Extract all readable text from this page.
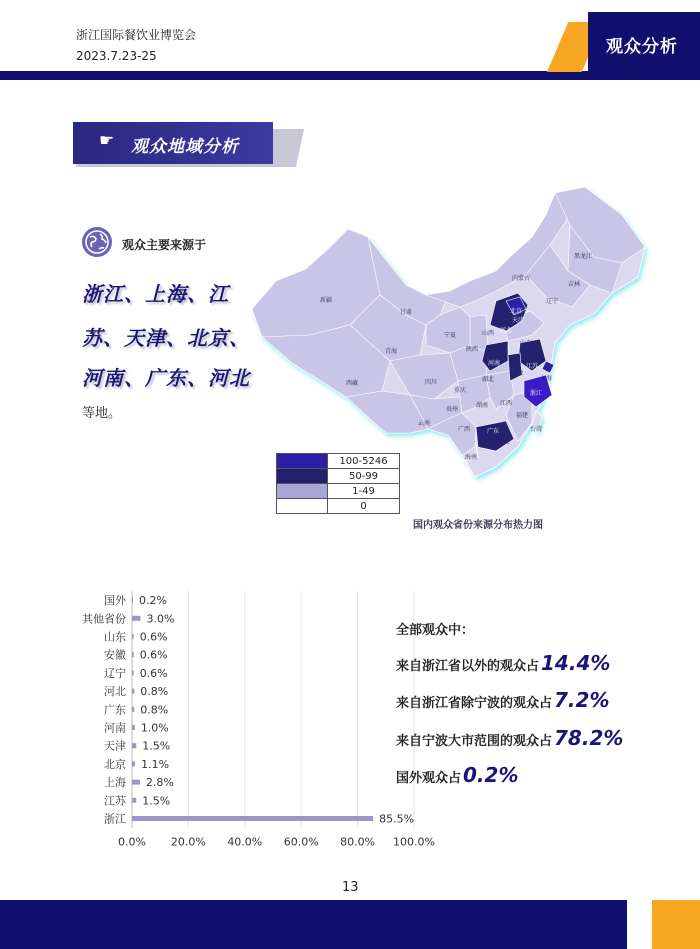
浙江国际餐饮业博览会
2023.7.23-25	观众分析
☛ 观众地域分析
观众主要来源于
浙江、上海、江
苏、天津、北京、
河南、广东、河北
等地。
新疆
西藏
青海
甘肃
内蒙古
黑龙江
吉林
辽宁
北京
天津
河北
山西
山东
河南
陕西
宁夏
四川
重庆
湖北
安徽
江苏
上海
浙江
湖南 江西
福建
贵州
云南
广西	广东
澳门
香港
台湾
海南
	100-5246
	50-99
	1-49
	0
国内观众省份来源分布热力图
国外
其他省份
山东
安徽
辽宁
河北
广东
河南
天津
北京
上海
江苏
浙江
0.2%
3.0%
0.6%
0.6%
0.6%
0.8%
0.8%
1.0%
1.5%
1.1%
2.8%
1.5%
85.5%
0.0% 20.0% 40.0% 60.0% 80.0% 100.0%
全部观众中：
来自浙江省以外的观众占 14.4%
来自浙江省除宁波的观众占 7.2%
来自宁波大市范围的观众占 78.2%
国外观众占 0.2%
13
